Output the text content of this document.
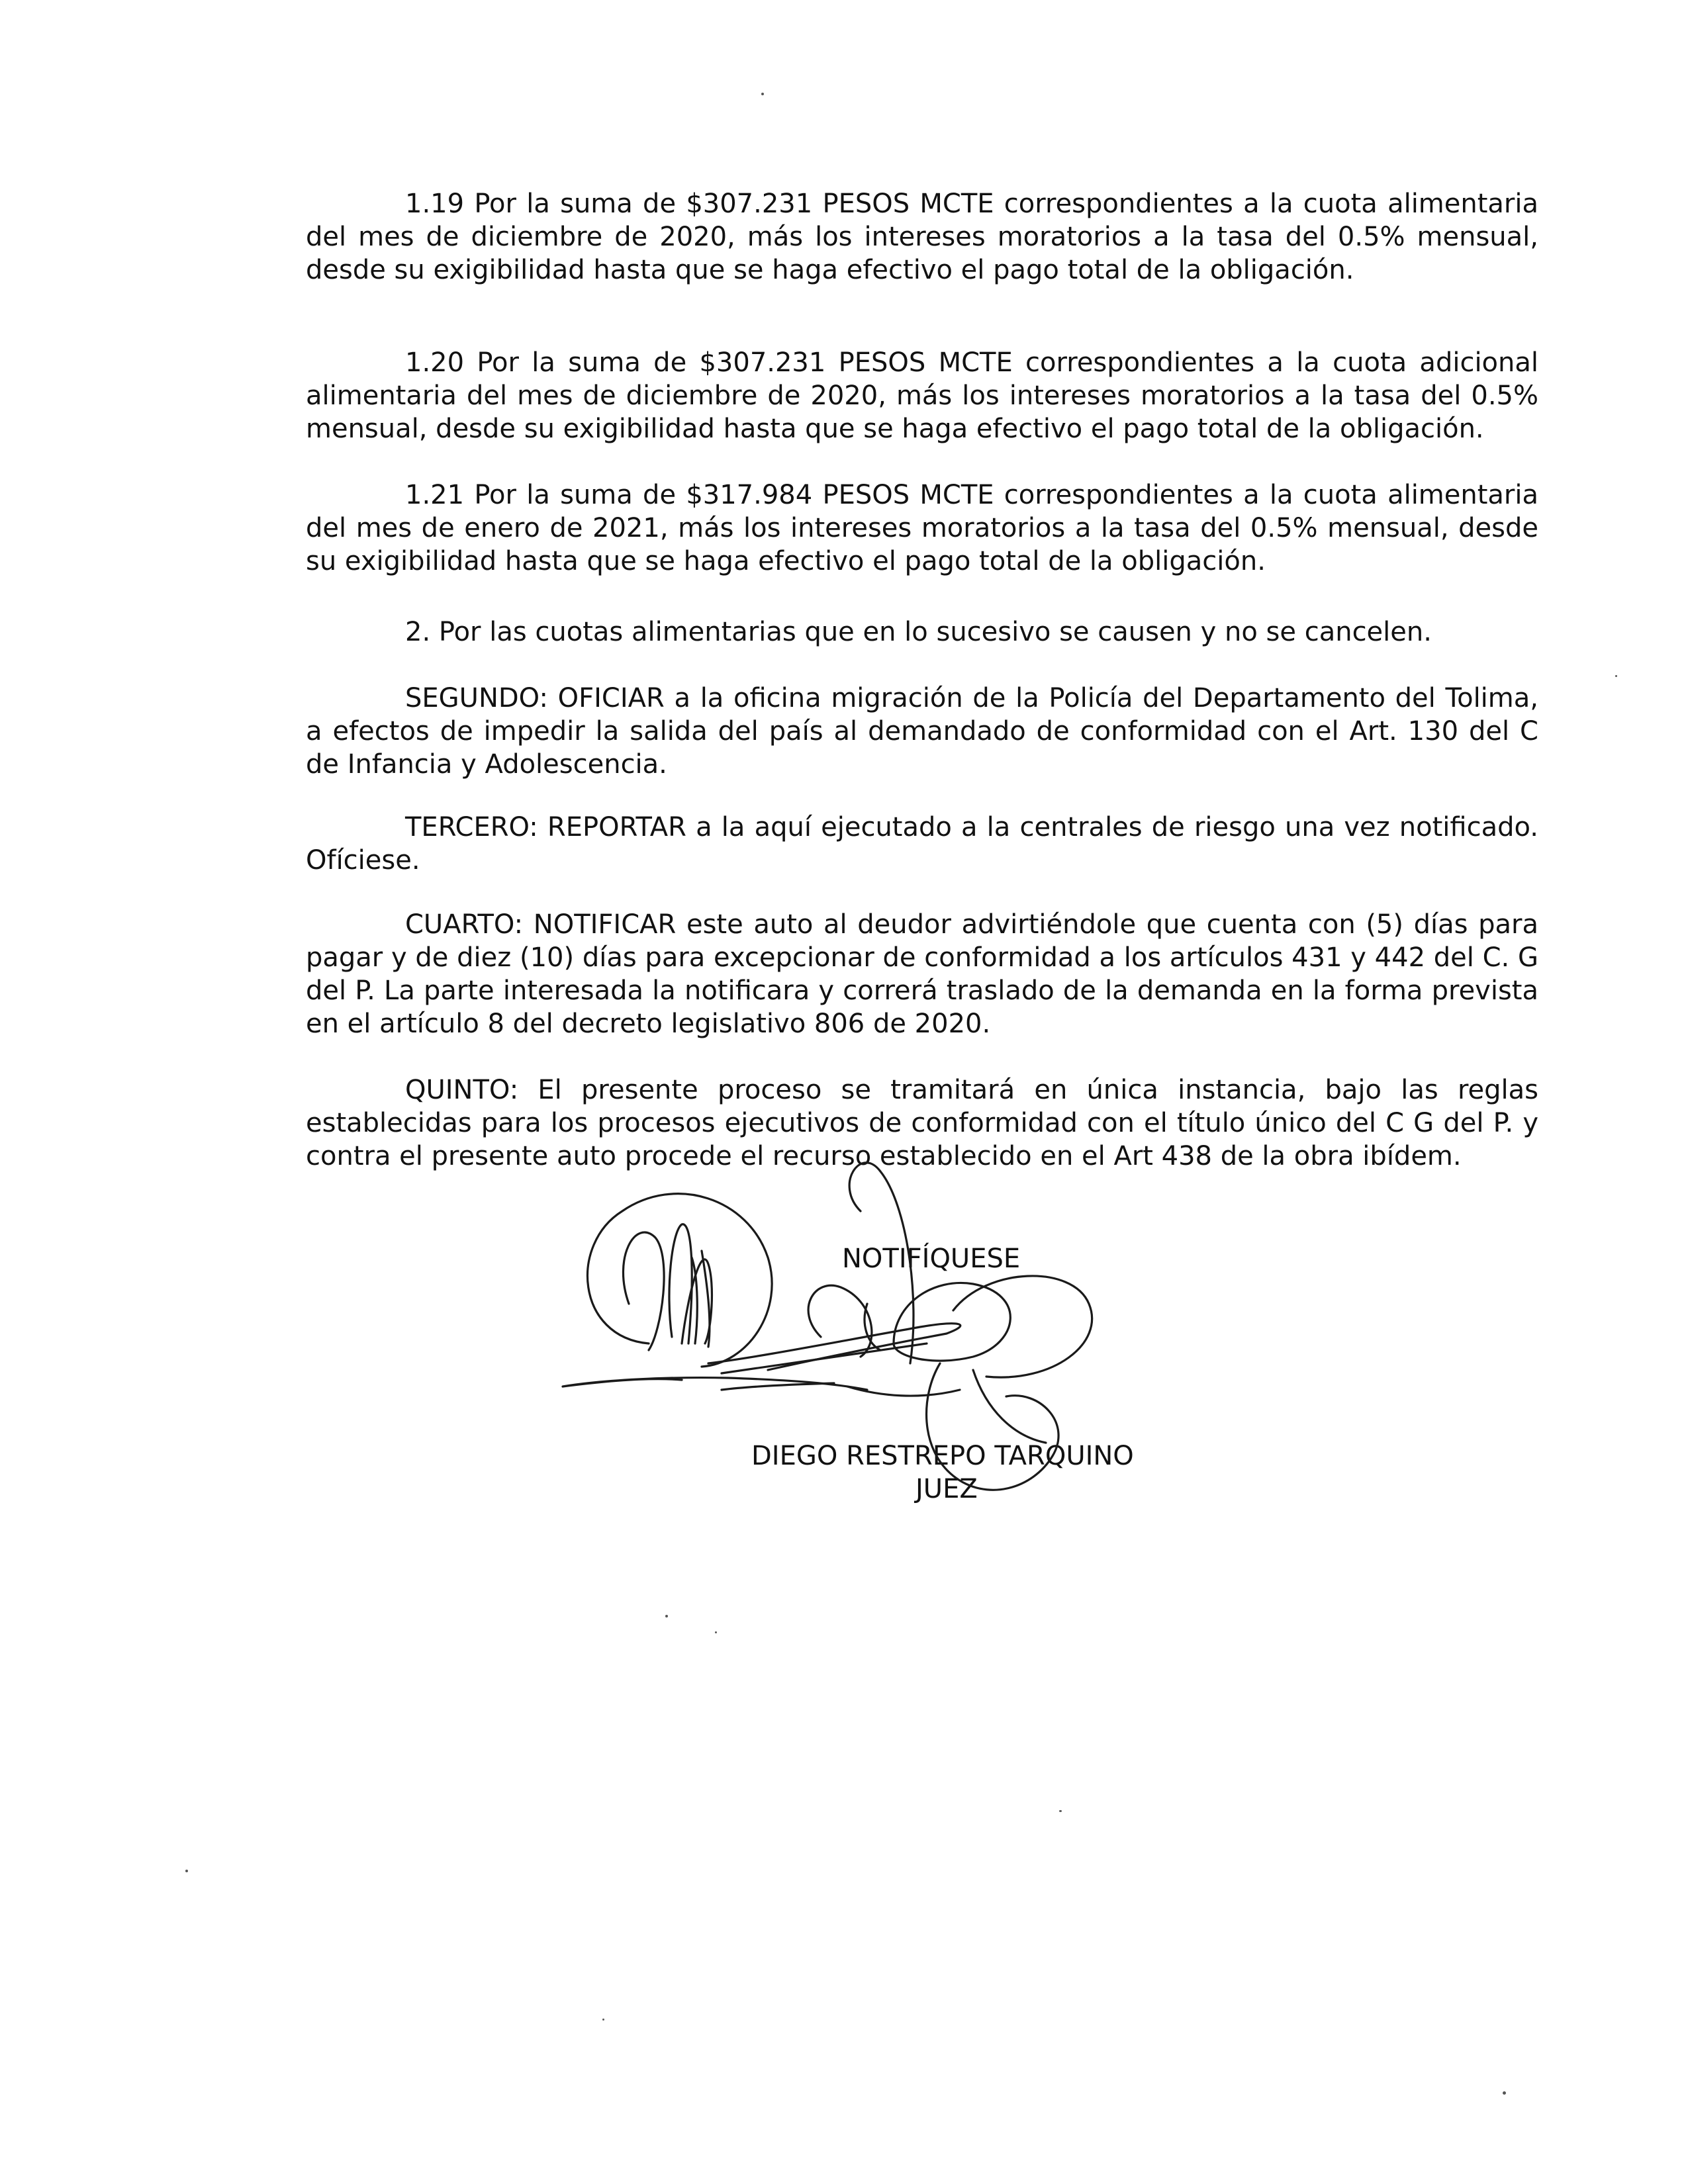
1.19 Por la suma de $307.231 PESOS MCTE correspondientes a la cuota alimentaria del mes de diciembre de 2020, más los intereses moratorios a la tasa del 0.5% mensual, desde su exigibilidad hasta que se haga efectivo el pago total de la obligación.

1.20 Por la suma de $307.231 PESOS MCTE correspondientes a la cuota adicional alimentaria del mes de diciembre de 2020, más los intereses moratorios a la tasa del 0.5% mensual, desde su exigibilidad hasta que se haga efectivo el pago total de la obligación.

1.21 Por la suma de $317.984 PESOS MCTE correspondientes a la cuota alimentaria del mes de enero de 2021, más los intereses moratorios a la tasa del 0.5% mensual, desde su exigibilidad hasta que se haga efectivo el pago total de la obligación.

2. Por las cuotas alimentarias que en lo sucesivo se causen y no se cancelen.

SEGUNDO: OFICIAR a la oficina migración de la Policía del Departamento del Tolima, a efectos de impedir la salida del país al demandado de conformidad con el Art. 130 del C de Infancia y Adolescencia.

TERCERO: REPORTAR a la aquí ejecutado a la centrales de riesgo una vez notificado. Ofíciese.

CUARTO: NOTIFICAR este auto al deudor advirtiéndole que cuenta con (5) días para pagar y de diez (10) días para excepcionar de conformidad a los artículos 431 y 442 del C. G del P. La parte interesada la notificara y correrá traslado de la demanda en la forma prevista en el artículo 8 del decreto legislativo 806 de 2020.

QUINTO: El presente proceso se tramitará en única instancia, bajo las reglas establecidas para los procesos ejecutivos de conformidad con el título único del C G del P. y contra el presente auto procede el recurso establecido en el Art 438 de la obra ibídem.

NOTIFÍQUESE
DIEGO RESTREPO TARQUINO
JUEZ
